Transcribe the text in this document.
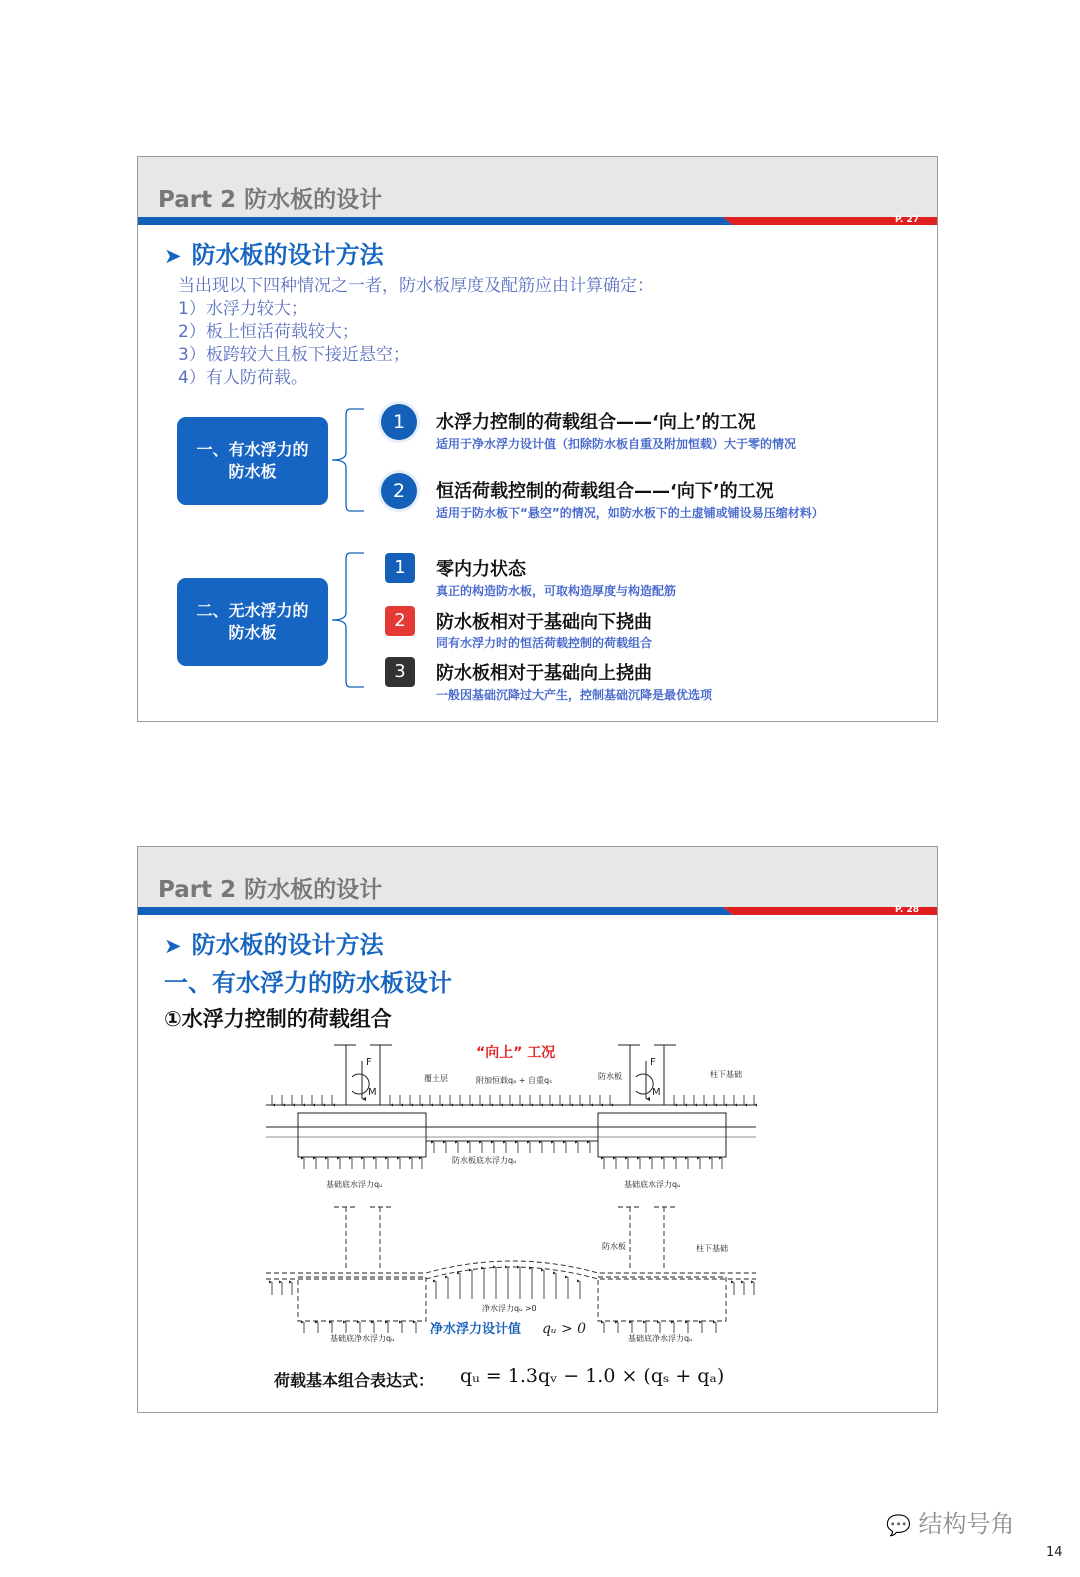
Part 2 防水板的设计
P. 27
➤ 防水板的设计方法
当出现以下四种情况之一者，防水板厚度及配筋应由计算确定：
1）水浮力较大；
2）板上恒活荷载较大；
3）板跨较大且板下接近悬空；
4）有人防荷载。
一、有水浮力的
防水板
1	水浮力控制的荷载组合——‘向上’的工况
适用于净水浮力设计值（扣除防水板自重及附加恒载）大于零的情况
2	恒活荷载控制的荷载组合——‘向下’的工况
适用于防水板下“悬空”的情况，如防水板下的土虚铺或铺设易压缩材料）
二、无水浮力的
防水板
1	零内力状态
真正的构造防水板，可取构造厚度与构造配筋
2	防水板相对于基础向下挠曲
同有水浮力时的恒活荷载控制的荷载组合
3	防水板相对于基础向上挠曲
一般因基础沉降过大产生，控制基础沉降是最优选项
Part 2 防水板的设计
P. 28
➤ 防水板的设计方法
一、有水浮力的防水板设计
①水浮力控制的荷载组合
F
M
F
M
“向上” 工况
覆土层	附加恒载qₐ + 自重qₛ	防水板	柱下基础
防水板底水浮力qᵤ
基础底水浮力qᵤ	基础底水浮力qᵤ
防水板	柱下基础
净水浮力qᵤ >0
净水浮力设计值 qᵤ > 0
基础底净水浮力qᵤ	基础底净水浮力qᵤ
荷载基本组合表达式： qᵤ = 1.3qᵥ − 1.0 × (qₛ + qₐ)
💬 结构号角
14
